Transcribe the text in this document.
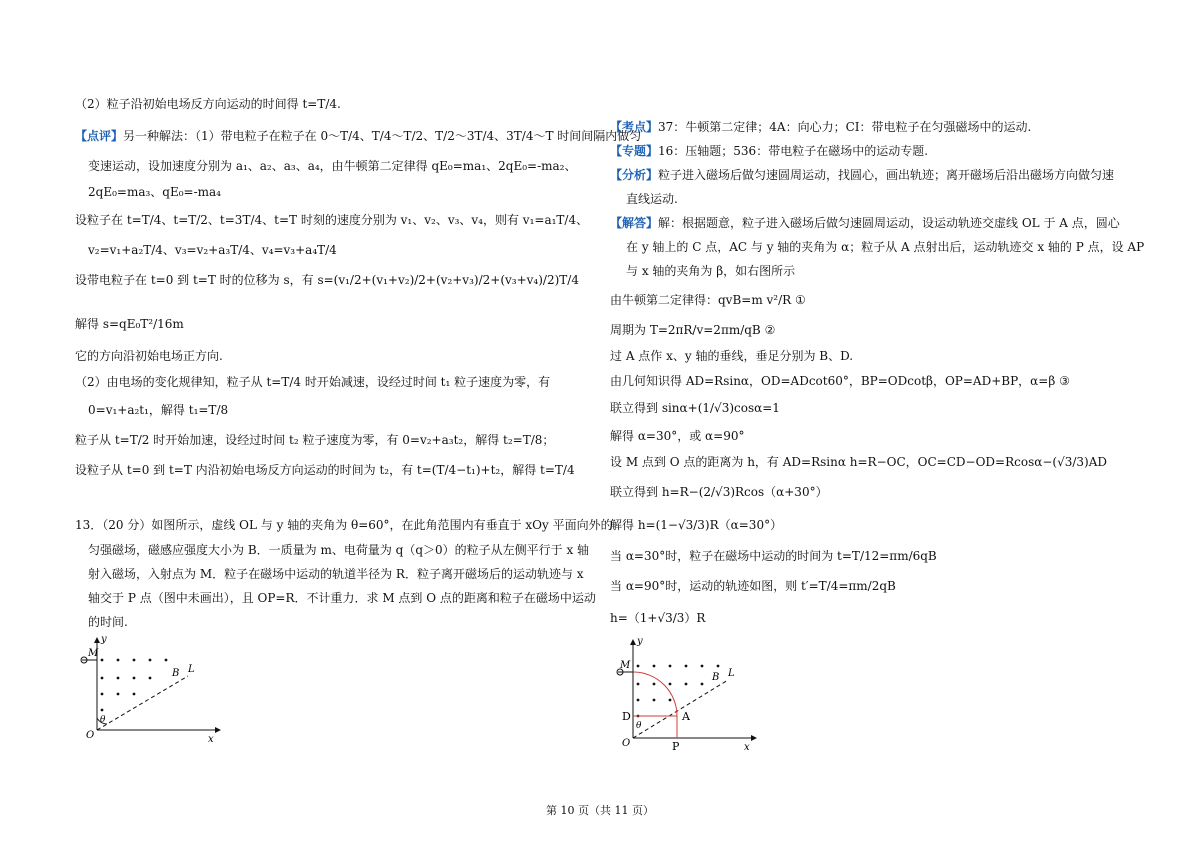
（2）粒子沿初始电场反方向运动的时间得 t=T/4.
【点评】另一种解法：（1）带电粒子在粒子在 0～T/4、T/4～T/2、T/2～3T/4、3T/4～T 时间间隔内做匀
变速运动，设加速度分别为 a₁、a₂、a₃、a₄，由牛顿第二定律得 qE₀=ma₁、2qE₀=-ma₂、
2qE₀=ma₃、qE₀=-ma₄
设粒子在 t=T/4、t=T/2、t=3T/4、t=T 时刻的速度分别为 v₁、v₂、v₃、v₄，则有 v₁=a₁T/4、
v₂=v₁+a₂T/4、v₃=v₂+a₃T/4、v₄=v₃+a₄T/4
设带电粒子在 t=0 到 t=T 时的位移为 s，有 s=(v₁/2+(v₁+v₂)/2+(v₂+v₃)/2+(v₃+v₄)/2)T/4
解得 s=qE₀T²/16m
它的方向沿初始电场正方向.
（2）由电场的变化规律知，粒子从 t=T/4 时开始减速，设经过时间 t₁ 粒子速度为零，有
0=v₁+a₂t₁，解得 t₁=T/8
粒子从 t=T/2 时开始加速，设经过时间 t₂ 粒子速度为零，有 0=v₂+a₃t₂，解得 t₂=T/8；
设粒子从 t=0 到 t=T 内沿初始电场反方向运动的时间为 t₂，有 t=(T/4−t₁)+t₂，解得 t=T/4
13．（20 分）如图所示，虚线 OL 与 y 轴的夹角为 θ=60°，在此角范围内有垂直于 xOy 平面向外的
匀强磁场，磁感应强度大小为 B．一质量为 m、电荷量为 q（q＞0）的粒子从左侧平行于 x 轴
射入磁场，入射点为 M．粒子在磁场中运动的轨道半径为 R．粒子离开磁场后的运动轨迹与 x
轴交于 P 点（图中未画出），且 OP=R．不计重力．求 M 点到 O 点的距离和粒子在磁场中运动
的时间.
y
x
O
M
B L
θ
【考点】37：牛顿第二定律；4A：向心力；CI：带电粒子在匀强磁场中的运动.
【专题】16：压轴题；536：带电粒子在磁场中的运动专题.
【分析】粒子进入磁场后做匀速圆周运动，找圆心，画出轨迹；离开磁场后沿出磁场方向做匀速
直线运动.
【解答】解：根据题意，粒子进入磁场后做匀速圆周运动，设运动轨迹交虚线 OL 于 A 点，圆心
在 y 轴上的 C 点，AC 与 y 轴的夹角为 α；粒子从 A 点射出后，运动轨迹交 x 轴的 P 点，设 AP
与 x 轴的夹角为 β，如右图所示
由牛顿第二定律得：qvB=m v²/R ①
周期为 T=2πR/v=2πm/qB ②
过 A 点作 x、y 轴的垂线，垂足分别为 B、D.
由几何知识得 AD=Rsinα，OD=ADcot60°，BP=ODcotβ，OP=AD+BP，α=β ③
联立得到 sinα+(1/√3)cosα=1
解得 α=30°，或 α=90°
设 M 点到 O 点的距离为 h，有 AD=Rsinα h=R−OC，OC=CD−OD=Rcosα−(√3/3)AD
联立得到 h=R−(2/√3)Rcos（α+30°）
解得 h=(1−√3/3)R（α=30°）
当 α=30°时，粒子在磁场中运动的时间为 t=T/12=πm/6qB
当 α=90°时，运动的轨迹如图，则 t′=T/4=πm/2qB
h=（1+√3/3）R
y
x
O
M
B L
D	A
P
θ
第 10 页（共 11 页）
